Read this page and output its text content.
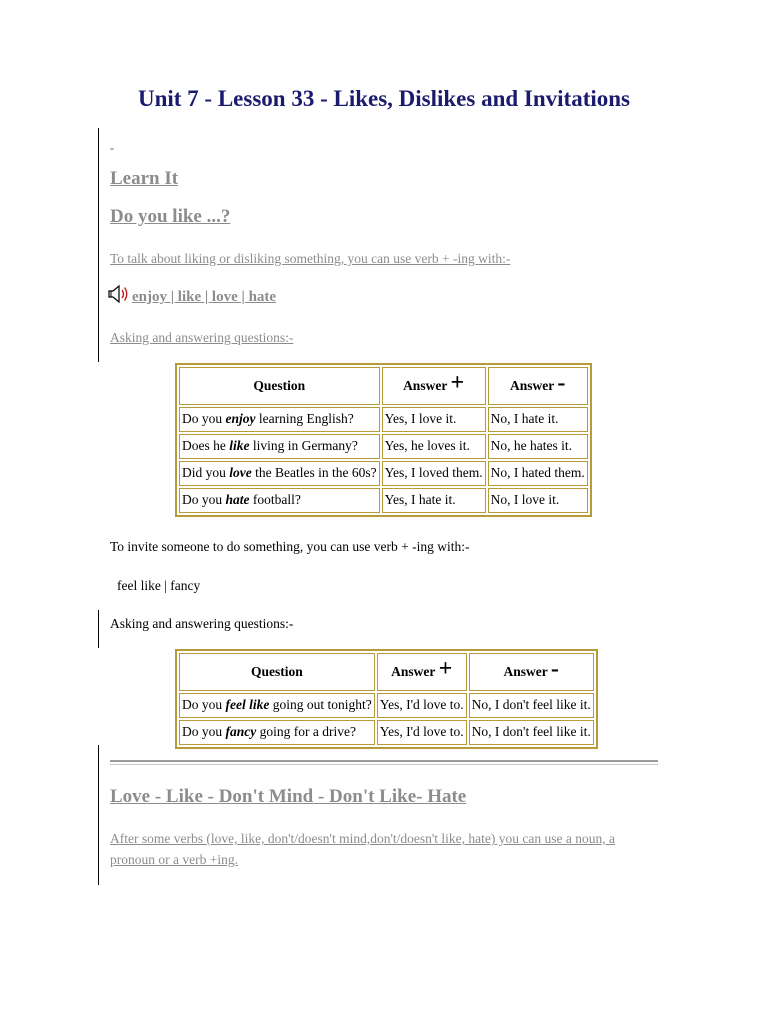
Unit 7 - Lesson 33 - Likes, Dislikes and Invitations
-
Learn It
Do you like ...?
To talk about liking or disliking something, you can use verb + -ing with:-
enjoy | like | love | hate
Asking and answering questions:-
Question	Answer +	Answer -
Do you enjoy learning English?	Yes, I love it.	No, I hate it.
Does he like living in Germany?	Yes, he loves it.	No, he hates it.
Did you love the Beatles in the 60s?	Yes, I loved them.	No, I hated them.
Do you hate football?	Yes, I hate it.	No, I love it.
To invite someone to do something, you can use verb + -ing with:-
feel like | fancy
Asking and answering questions:-
Question	Answer +	Answer -
Do you feel like going out tonight?	Yes, I'd love to.	No, I don't feel like it.
Do you fancy going for a drive?	Yes, I'd love to.	No, I don't feel like it.
Love - Like - Don't Mind - Don't Like- Hate
After some verbs (love, like, don't/doesn't mind,don't/doesn't like, hate) you can use a noun, a pronoun or a verb +ing.
